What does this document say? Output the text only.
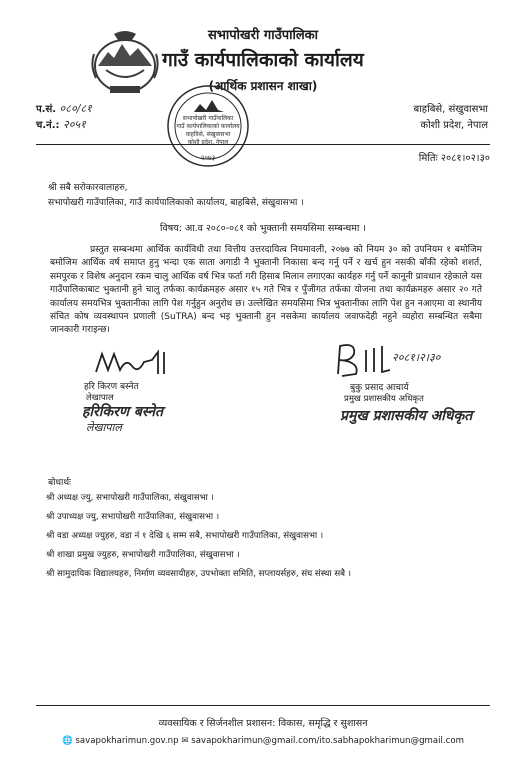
सभापोखरी गाउँपालिका
गाउँ कार्यपालिकाको कार्यालय
(आर्थिक प्रशासन शाखा)
सभापोखरी गाउँपालिका
गाउँ कार्यपालिकाको कार्यालय
वाहविसे, संखुवासभा
कोशी प्रदेश, नेपाल
२०७३
प.सं. ०८०/८१
च.नं.: २०५१
बाहबिसे, संखुवासभा
कोशी प्रदेश, नेपाल
मितिः २०८१।०२।३०
श्री सबै सरोकारवालाहरु,
सभापोखरी गाउँपालिका, गाउँ कार्यपालिकाको कार्यालय, बाहबिसे, संखुवासभा ।
विषय: आ.व २०८०-०८१ को भुक्तानी समयसिमा सम्बन्धमा ।

प्रस्तुत सम्बन्धमा आर्थिक कार्यविधी तथा वित्तीय उत्तरदायित्व नियमावली, २०७७ को नियम ३० को उपनियम १ बमोजिम बमोजिम आर्थिक वर्ष समाप्त हुनु भन्दा एक साता अगाडी नै भुक्तानी निकासा बन्द गर्नु पर्ने र खर्च हुन नसकी बाँकी रहेको शशर्त, समपुरक र विशेष अनुदान रकम चालु आर्थिक वर्ष भित्र फर्ता गरी हिसाब मिलान लगाएका कार्यहरु गर्नु पर्ने कानूनी प्रावधान रहेकाले यस गाउँपालिकाबाट भुक्तानी हुने चालु तर्फका कार्यक्रमहरु असार १५ गते भित्र र पुँजीगत तर्फका योजना तथा कार्यक्रमहरु असार २० गते कार्यालय समयभित्र भुक्तानीका लागि पेश गर्नुहुन अनुरोध छ। उल्लेखित समयसिमा भित्र भुक्तानीका लागि पेश हुन नआएमा वा स्थानीय संचित कोष व्यवस्थापन प्रणाली (SuTRA) बन्द भइ भुक्तानी हुन नसकेमा कार्यालय जवाफदेही नहुने व्यहोरा सम्बन्धित सबैमा जानकारी गराइन्छ।

हरि किरण बस्नेत
लेखापाल
हरिकिरण बस्नेत
लेखापाल
२०८१।२।३०
बुकु प्रसाद आचार्य
प्रमुख प्रशासकीय अधिकृत
प्रमुख प्रशासकीय अधिकृत
बोधार्थः
श्री अध्यक्ष ज्यु, सभापोखरी गाउँपालिका, संखुवासभा ।
श्री उपाध्यक्ष ज्यु, सभापोखरी गाउँपालिका, संखुवासभा ।
श्री वडा अध्यक्ष ज्युहरु, वडा नं १ देखि ६ सम्म सबै, सभापोखरी गाउँपालिका, संखुवासभा ।
श्री शाखा प्रमुख ज्युहरु, सभापोखरी गाउँपालिका, संखुवासभा ।
श्री सामुदायिक विद्यालयहरु, निर्माण व्यवसायीहरु, उपभोक्ता समिति, सप्लायर्सहरु, संघ संस्था सबै ।
व्यवसायिक र सिर्जनशील प्रशासन: विकास, समृद्धि र सुशासन
🌐 savapokharimun.gov.np ✉ savapokharimun@gmail.com/ito.sabhapokharimun@gmail.com
